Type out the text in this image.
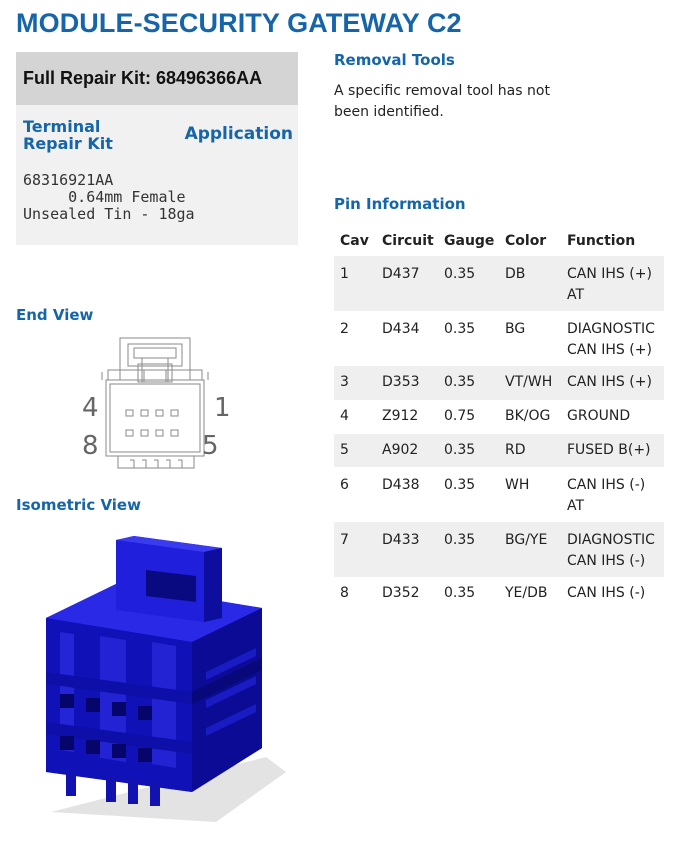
MODULE-SECURITY GATEWAY C2
Full Repair Kit: 68496366AA
Terminal Repair Kit	Application
68316921AA
0.64mm Female
Unsealed Tin - 18ga
Removal Tools
A specific removal tool has not been identified.
Pin Information
Cav	Circuit	Gauge	Color	Function
1	D437	0.35	DB	CAN IHS (+) AT
2	D434	0.35	BG	DIAGNOSTIC CAN IHS (+)
3	D353	0.35	VT/WH	CAN IHS (+)
4	Z912	0.75	BK/OG	GROUND
5	A902	0.35	RD	FUSED B(+)
6	D438	0.35	WH	CAN IHS (-) AT
7	D433	0.35	BG/YE	DIAGNOSTIC CAN IHS (-)
8	D352	0.35	YE/DB	CAN IHS (-)
End View
4	1
8	5
Isometric View
